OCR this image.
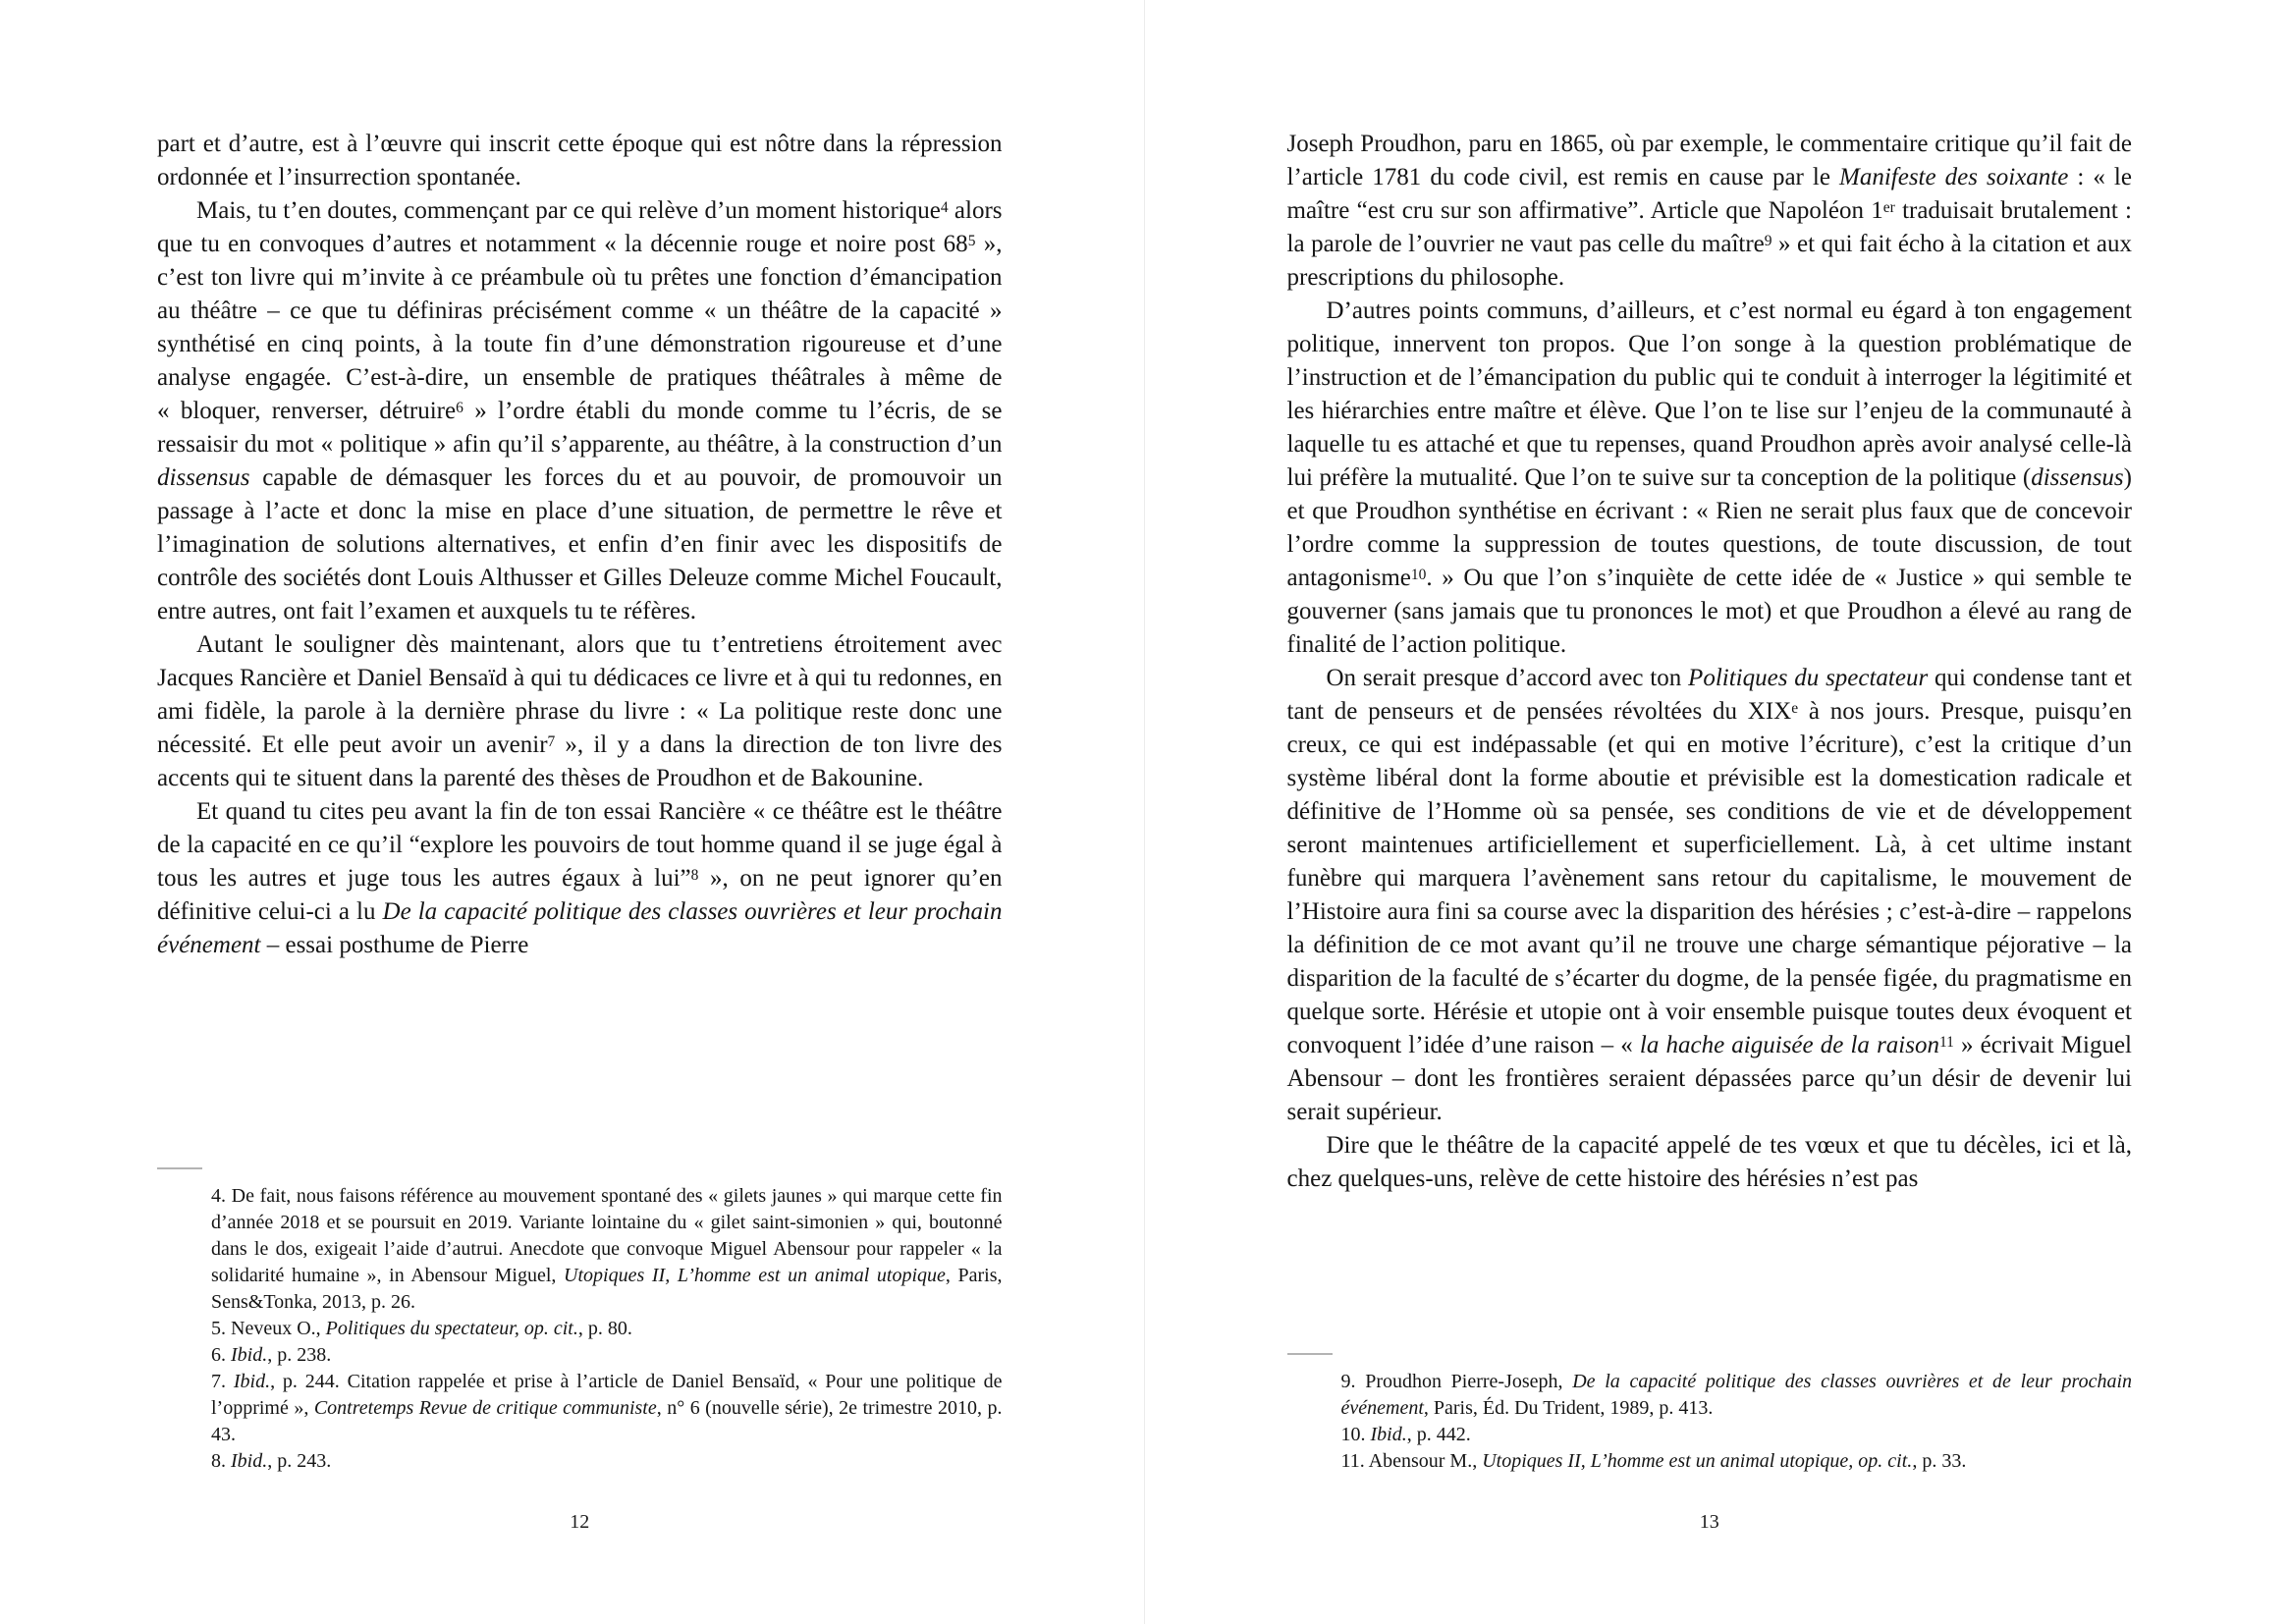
part et d’autre, est à l’œuvre qui inscrit cette époque qui est nôtre dans la répression ordonnée et l’insurrection spontanée.

Mais, tu t’en doutes, commençant par ce qui relève d’un moment historique$^4$ alors que tu en convoques d’autres et notamment « la décennie rouge et noire post $68^5$ », c’est ton livre qui m’invite à ce préambule où tu prêtes une fonction d’émancipation au théâtre – ce que tu définiras précisément comme « un théâtre de la capacité » synthétisé en cinq points, à la toute fin d’une démonstration rigoureuse et d’une analyse engagée. C’est-à-dire, un ensemble de pratiques théâtrales à même de « bloquer, renverser, détruire$^6$ » l’ordre établi du monde comme tu l’écris, de se ressaisir du mot « politique » afin qu’il s’apparente, au théâtre, à la construction d’un dissensus capable de démasquer les forces du et au pouvoir, de promouvoir un passage à l’acte et donc la mise en place d’une situation, de permettre le rêve et l’imagination de solutions alternatives, et enfin d’en finir avec les dispositifs de contrôle des sociétés dont Louis Althusser et Gilles Deleuze comme Michel Foucault, entre autres, ont fait l’examen et auxquels tu te réfères.

Autant le souligner dès maintenant, alors que tu t’entretiens étroitement avec Jacques Rancière et Daniel Bensaïd à qui tu dédicaces ce livre et à qui tu redonnes, en ami fidèle, la parole à la dernière phrase du livre : « La politique reste donc une nécessité. Et elle peut avoir un avenir$^7$ », il y a dans la direction de ton livre des accents qui te situent dans la parenté des thèses de Proudhon et de Bakounine.

Et quand tu cites peu avant la fin de ton essai Rancière « ce théâtre est le théâtre de la capacité en ce qu’il “explore les pouvoirs de tout homme quand il se juge égal à tous les autres et juge tous les autres égaux à lui”$^8$ », on ne peut ignorer qu’en définitive celui-ci a lu De la capacité politique des classes ouvrières et leur prochain événement – essai posthume de Pierre

4. De fait, nous faisons référence au mouvement spontané des « gilets jaunes » qui marque cette fin d’année 2018 et se poursuit en 2019. Variante lointaine du « gilet saint-simonien » qui, boutonné dans le dos, exigeait l’aide d’autrui. Anecdote que convoque Miguel Abensour pour rappeler « la solidarité humaine », in Abensour Miguel, Utopiques II, L’homme est un animal utopique, Paris, Sens&Tonka, 2013, p. 26.

5. Neveux O., Politiques du spectateur, op. cit., p. 80.

6. Ibid., p. 238.

7. Ibid., p. 244. Citation rappelée et prise à l’article de Daniel Bensaïd, « Pour une politique de l’opprimé », Contretemps Revue de critique communiste, n° 6 (nouvelle série), 2e trimestre 2010, p. 43.

8. Ibid., p. 243.

12

Joseph Proudhon, paru en 1865, où par exemple, le commentaire critique qu’il fait de l’article 1781 du code civil, est remis en cause par le Manifeste des soixante : « le maître “est cru sur son affirmative”. Article que Napoléon 1er traduisait brutalement : la parole de l’ouvrier ne vaut pas celle du maître$^9$ » et qui fait écho à la citation et aux prescriptions du philosophe.

D’autres points communs, d’ailleurs, et c’est normal eu égard à ton engagement politique, innervent ton propos. Que l’on songe à la question problématique de l’instruction et de l’émancipation du public qui te conduit à interroger la légitimité et les hiérarchies entre maître et élève. Que l’on te lise sur l’enjeu de la communauté à laquelle tu es attaché et que tu repenses, quand Proudhon après avoir analysé celle-là lui préfère la mutualité. Que l’on te suive sur ta conception de la politique (dissensus) et que Proudhon synthétise en écrivant : « Rien ne serait plus faux que de concevoir l’ordre comme la suppression de toutes questions, de toute discussion, de tout antagonisme$^{10}$. » Ou que l’on s’inquiète de cette idée de « Justice » qui semble te gouverner (sans jamais que tu prononces le mot) et que Proudhon a élevé au rang de finalité de l’action politique.

On serait presque d’accord avec ton Politiques du spectateur qui condense tant et tant de penseurs et de pensées révoltées du XIXe à nos jours. Presque, puisqu’en creux, ce qui est indépassable (et qui en motive l’écriture), c’est la critique d’un système libéral dont la forme aboutie et prévisible est la domestication radicale et définitive de l’Homme où sa pensée, ses conditions de vie et de développement seront maintenues artificiellement et superficiellement. Là, à cet ultime instant funèbre qui marquera l’avènement sans retour du capitalisme, le mouvement de l’Histoire aura fini sa course avec la disparition des hérésies ; c’est-à-dire – rappelons la définition de ce mot avant qu’il ne trouve une charge sémantique péjorative – la disparition de la faculté de s’écarter du dogme, de la pensée figée, du pragmatisme en quelque sorte. Hérésie et utopie ont à voir ensemble puisque toutes deux évoquent et convoquent l’idée d’une raison – « la hache aiguisée de la raison$^{11}$ » écrivait Miguel Abensour – dont les frontières seraient dépassées parce qu’un désir de devenir lui serait supérieur.

Dire que le théâtre de la capacité appelé de tes vœux et que tu décèles, ici et là, chez quelques-uns, relève de cette histoire des hérésies n’est pas

9. Proudhon Pierre-Joseph, De la capacité politique des classes ouvrières et de leur prochain événement, Paris, Éd. Du Trident, 1989, p. 413.

10. Ibid., p. 442.

11. Abensour M., Utopiques II, L’homme est un animal utopique, op. cit., p. 33.

13
